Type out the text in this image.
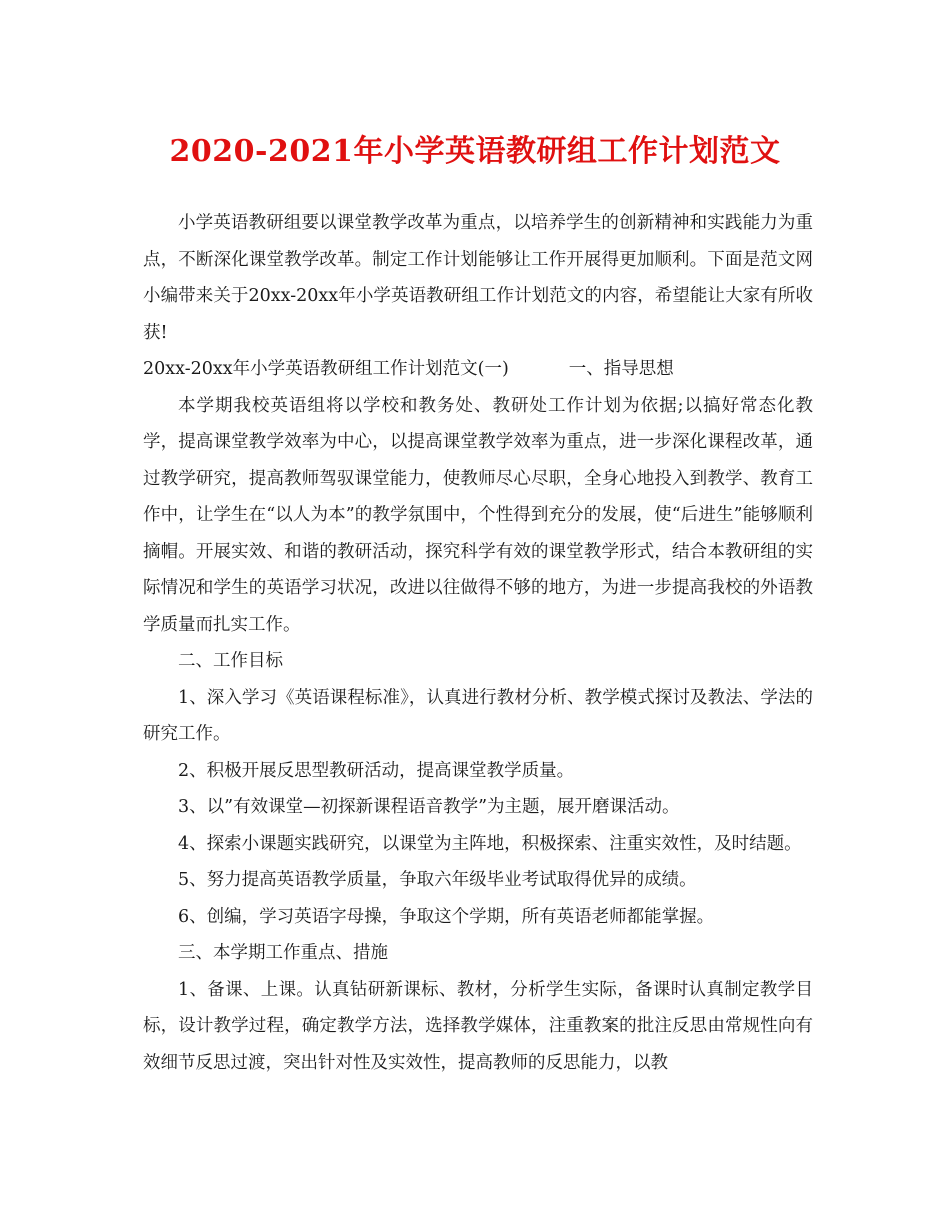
2020-2021年小学英语教研组工作计划范文

小学英语教研组要以课堂教学改革为重点，以培养学生的创新精神和实践能力为重点，不断深化课堂教学改革。制定工作计划能够让工作开展得更加顺利。下面是范文网小编带来关于20xx-20xx年小学英语教研组工作计划范文的内容，希望能让大家有所收获!

20xx-20xx年小学英语教研组工作计划范文(一)	一、指导思想

本学期我校英语组将以学校和教务处、教研处工作计划为依据;以搞好常态化教学，提高课堂教学效率为中心，以提高课堂教学效率为重点，进一步深化课程改革，通过教学研究，提高教师驾驭课堂能力，使教师尽心尽职，全身心地投入到教学、教育工作中，让学生在“以人为本”的教学氛围中，个性得到充分的发展，使“后进生”能够顺利摘帽。开展实效、和谐的教研活动，探究科学有效的课堂教学形式，结合本教研组的实际情况和学生的英语学习状况，改进以往做得不够的地方，为进一步提高我校的外语教学质量而扎实工作。

二、工作目标

1、深入学习《英语课程标准》，认真进行教材分析、教学模式探讨及教法、学法的研究工作。

2、积极开展反思型教研活动，提高课堂教学质量。

3、以”有效课堂—初探新课程语音教学”为主题，展开磨课活动。

4、探索小课题实践研究，以课堂为主阵地，积极探索、注重实效性，及时结题。

5、努力提高英语教学质量，争取六年级毕业考试取得优异的成绩。

6、创编，学习英语字母操，争取这个学期，所有英语老师都能掌握。

三、本学期工作重点、措施

1、备课、上课。认真钻研新课标、教材，分析学生实际，备课时认真制定教学目标，设计教学过程，确定教学方法，选择教学媒体，注重教案的批注反思由常规性向有效细节反思过渡，突出针对性及实效性，提高教师的反思能力，以教
